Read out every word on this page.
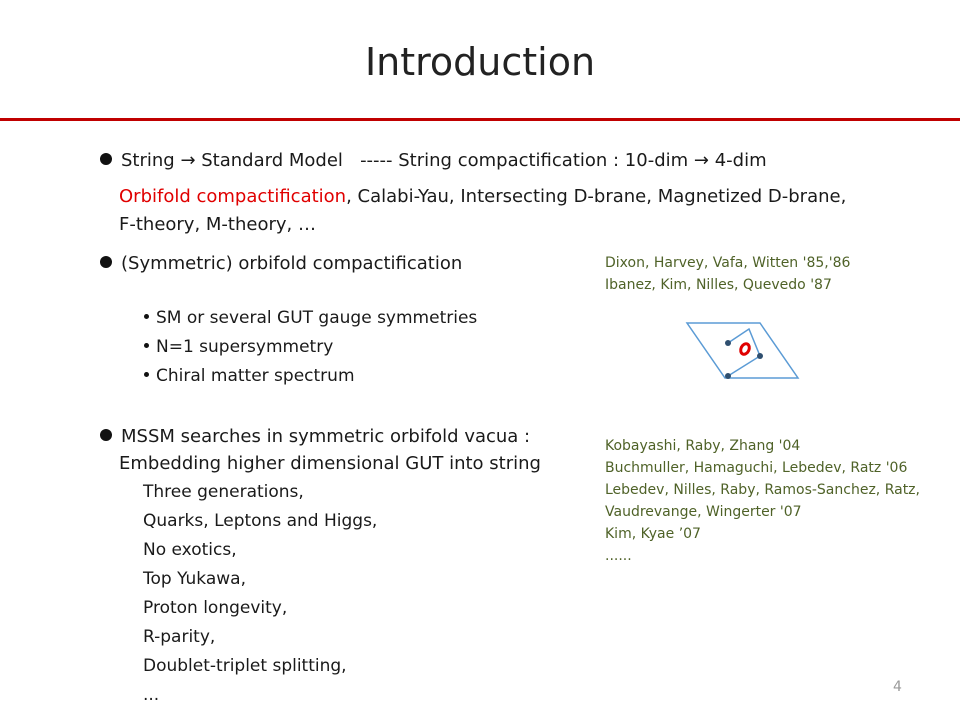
Introduction
String → Standard Model   ----- String compactification : 10-dim → 4-dim
Orbifold compactification, Calabi-Yau, Intersecting D-brane, Magnetized D-brane,
F-theory, M-theory, …
(Symmetric) orbifold compactification
SM or several GUT gauge symmetries
N=1 supersymmetry
Chiral matter spectrum
MSSM searches in symmetric orbifold vacua :
Embedding higher dimensional GUT into string
Three generations,
Quarks, Leptons and Higgs,
No exotics,
Top Yukawa,
Proton longevity,
R-parity,
Doublet-triplet splitting,
...
Dixon, Harvey, Vafa, Witten '85,'86
Ibanez, Kim, Nilles, Quevedo '87
Kobayashi, Raby, Zhang '04
Buchmuller, Hamaguchi, Lebedev, Ratz '06
Lebedev, Nilles, Raby, Ramos-Sanchez, Ratz,
Vaudrevange, Wingerter '07
Kim, Kyae ’07
......
4
